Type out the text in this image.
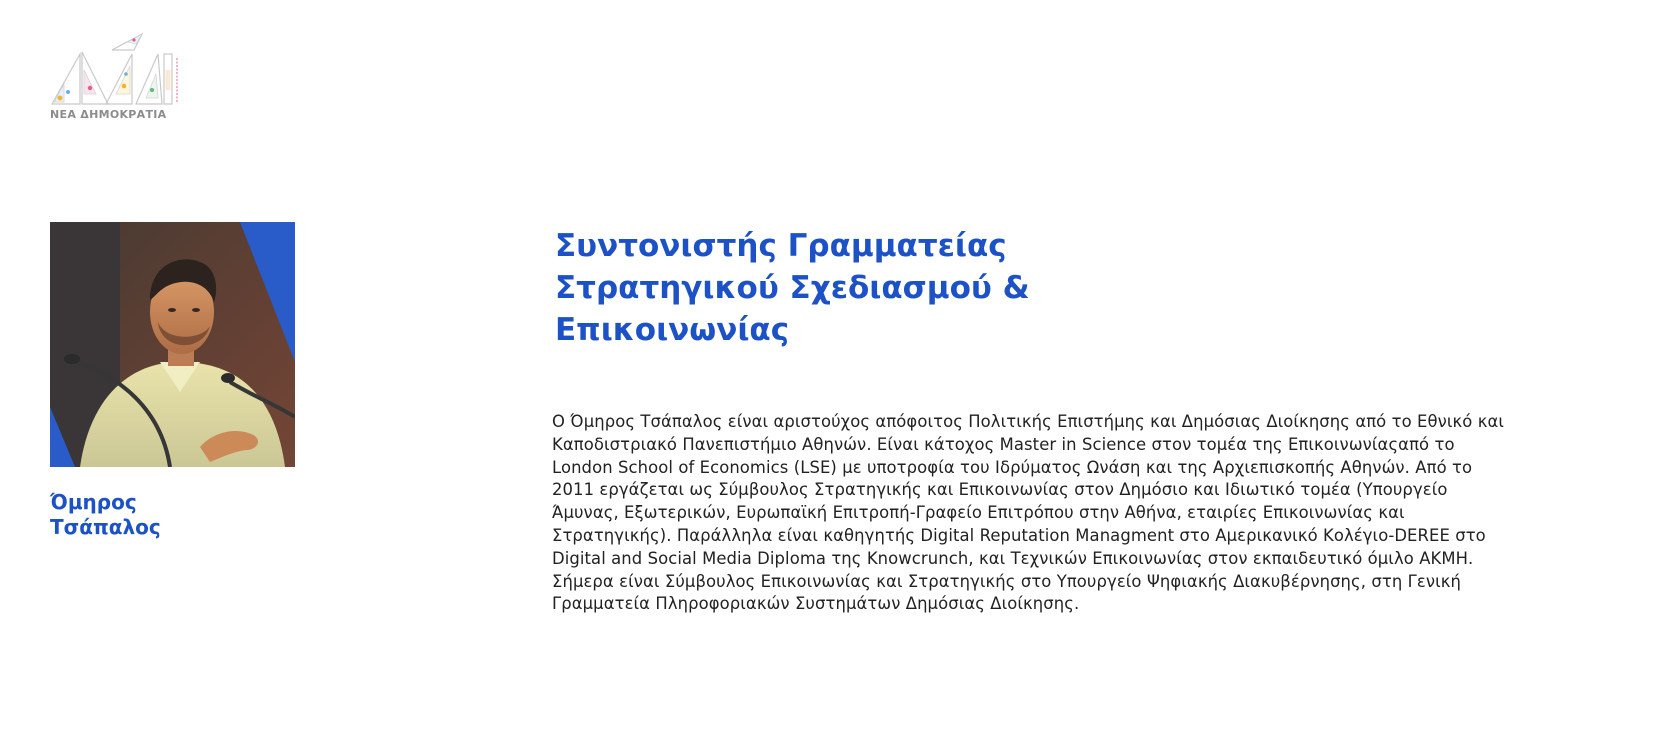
ΝΕΑ ΔΗΜΟΚΡΑΤΙΑ
Όμηρος
Τσάπαλος
Συντονιστής Γραμματείας Στρατηγικού Σχεδιασμού & Επικοινωνίας

Ο Όμηρος Τσάπαλος είναι αριστούχος απόφοιτος Πολιτικής Επιστήμης και Δημόσιας Διοίκησης από το Εθνικό και Καποδιστριακό Πανεπιστήμιο Αθηνών. Είναι κάτοχος Master in Science στον τομέα της Επικοινωνίαςαπό το London School of Economics (LSE) με υποτροφία του Ιδρύματος Ωνάση και της Αρχιεπισκοπής Αθηνών. Από το 2011 εργάζεται ως Σύμβουλος Στρατηγικής και Επικοινωνίας στον Δημόσιο και Ιδιωτικό τομέα (Υπουργείο Άμυνας, Εξωτερικών, Ευρωπαϊκή Επιτροπή-Γραφείο Επιτρόπου στην Αθήνα, εταιρίες Επικοινωνίας και Στρατηγικής). Παράλληλα είναι καθηγητής Digital Reputation Managment στο Αμερικανικό Κολέγιο-DEREE στο Digital and Social Media Diploma της Knowcrunch, και Τεχνικών Επικοινωνίας στον εκπαιδευτικό όμιλο ΑΚΜΗ. Σήμερα είναι Σύμβουλος Επικοινωνίας και Στρατηγικής στο Υπουργείο Ψηφιακής Διακυβέρνησης, στη Γενική Γραμματεία Πληροφοριακών Συστημάτων Δημόσιας Διοίκησης.
